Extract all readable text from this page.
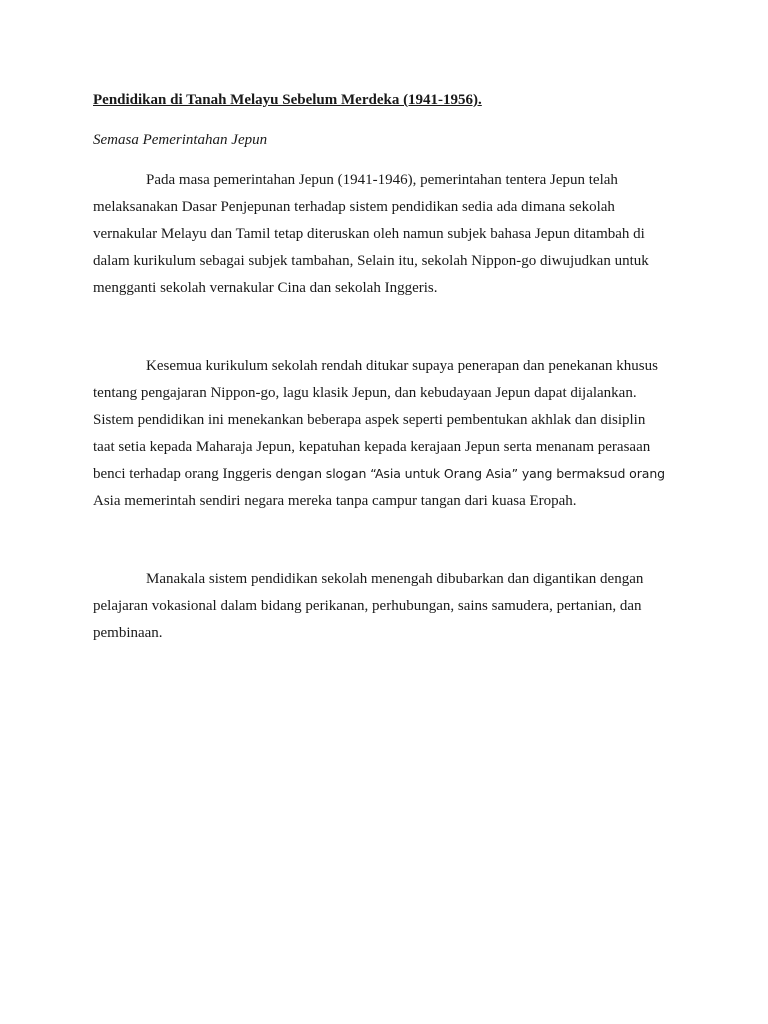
Pendidikan di Tanah Melayu Sebelum Merdeka (1941-1956).
Semasa Pemerintahan Jepun
Pada masa pemerintahan Jepun (1941-1946), pemerintahan tentera Jepun telah
melaksanakan Dasar Penjepunan terhadap sistem pendidikan sedia ada dimana sekolah
vernakular Melayu dan Tamil tetap diteruskan oleh namun subjek bahasa Jepun ditambah di
dalam kurikulum sebagai subjek tambahan, Selain itu, sekolah Nippon-go diwujudkan untuk
mengganti sekolah vernakular Cina dan sekolah Inggeris.
Kesemua kurikulum sekolah rendah ditukar supaya penerapan dan penekanan khusus
tentang pengajaran Nippon-go, lagu klasik Jepun, dan kebudayaan Jepun dapat dijalankan.
Sistem pendidikan ini menekankan beberapa aspek seperti pembentukan akhlak dan disiplin
taat setia kepada Maharaja Jepun, kepatuhan kepada kerajaan Jepun serta menanam perasaan
benci terhadap orang Inggeris dengan slogan “Asia untuk Orang Asia” yang bermaksud orang
Asia memerintah sendiri negara mereka tanpa campur tangan dari kuasa Eropah.
Manakala sistem pendidikan sekolah menengah dibubarkan dan digantikan dengan
pelajaran vokasional dalam bidang perikanan, perhubungan, sains samudera, pertanian, dan
pembinaan.
